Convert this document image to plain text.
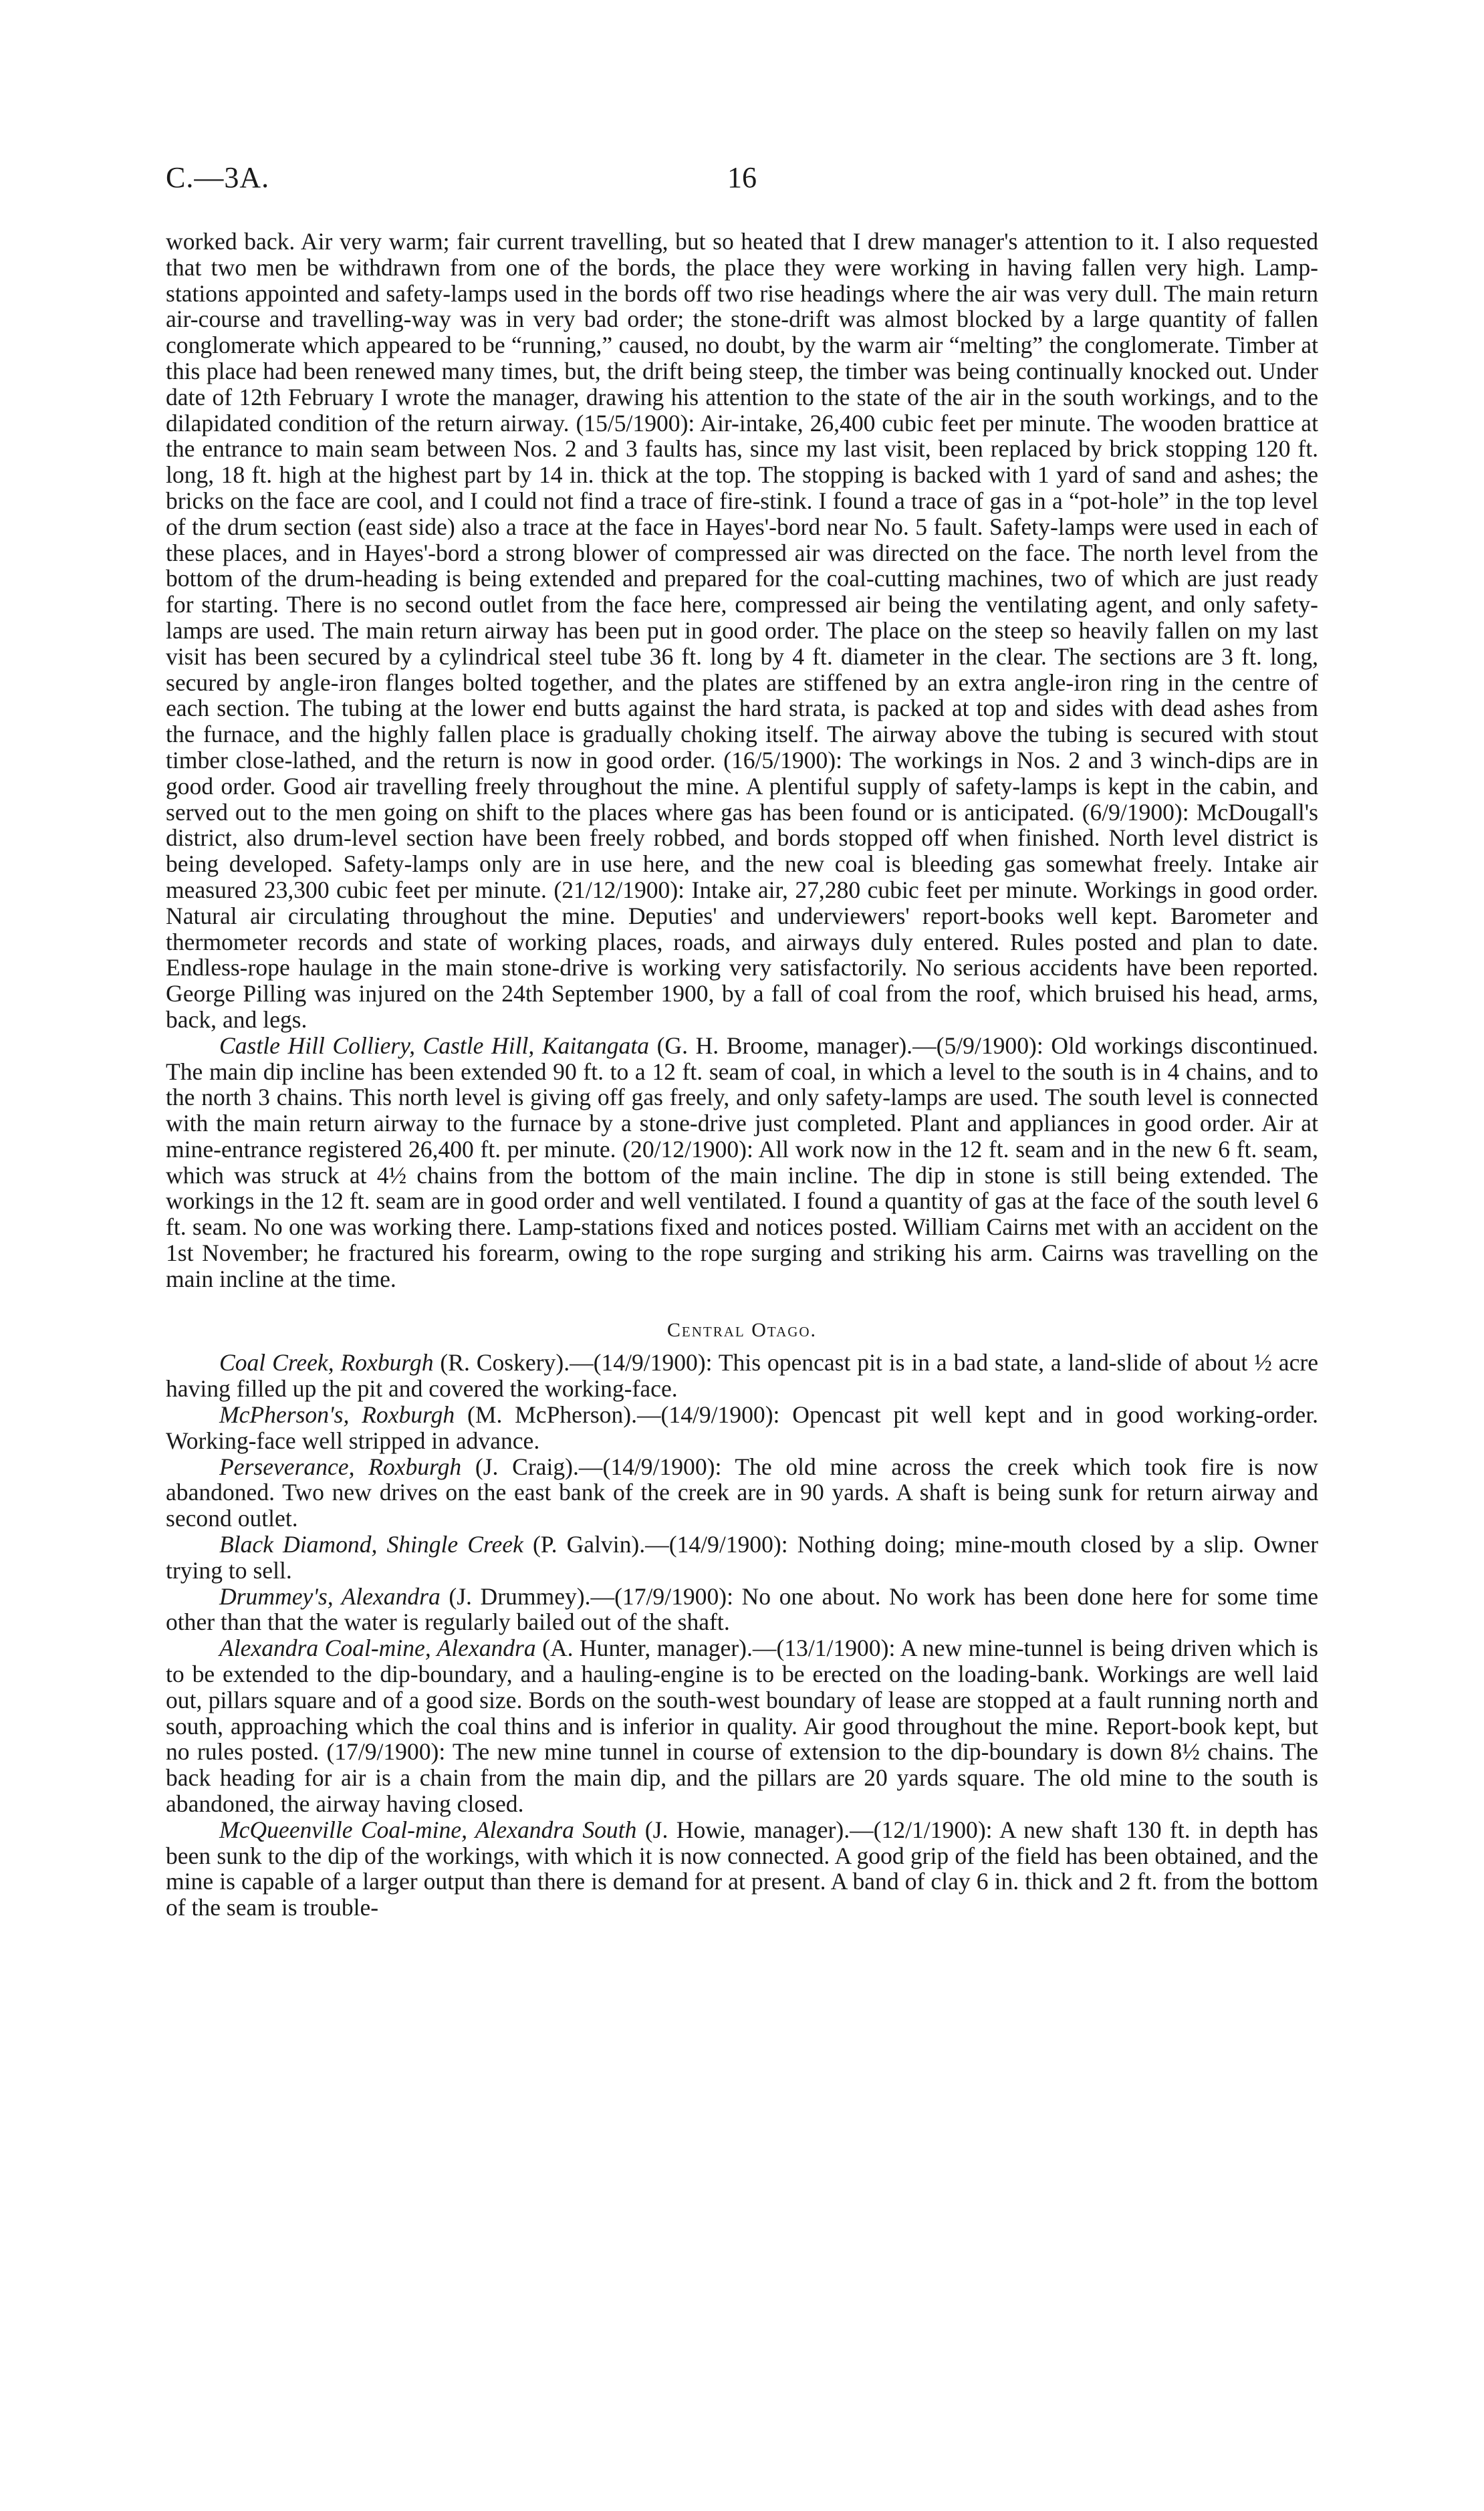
C.—3A.	16

worked back. Air very warm; fair current travelling, but so heated that I drew manager's attention to it. I also requested that two men be withdrawn from one of the bords, the place they were working in having fallen very high. Lamp-stations appointed and safety-lamps used in the bords off two rise headings where the air was very dull. The main return air-course and travelling-way was in very bad order; the stone-drift was almost blocked by a large quantity of fallen conglomerate which appeared to be “running,” caused, no doubt, by the warm air “melting” the conglomerate. Timber at this place had been renewed many times, but, the drift being steep, the timber was being continually knocked out. Under date of 12th February I wrote the manager, drawing his attention to the state of the air in the south workings, and to the dilapidated condition of the return airway. (15/5/1900): Air-intake, 26,400 cubic feet per minute. The wooden brattice at the entrance to main seam between Nos. 2 and 3 faults has, since my last visit, been replaced by brick stopping 120 ft. long, 18 ft. high at the highest part by 14 in. thick at the top. The stopping is backed with 1 yard of sand and ashes; the bricks on the face are cool, and I could not find a trace of fire-stink. I found a trace of gas in a “pot-hole” in the top level of the drum section (east side) also a trace at the face in Hayes'-bord near No. 5 fault. Safety-lamps were used in each of these places, and in Hayes'-bord a strong blower of compressed air was directed on the face. The north level from the bottom of the drum-heading is being extended and prepared for the coal-cutting machines, two of which are just ready for starting. There is no second outlet from the face here, compressed air being the ventilating agent, and only safety-lamps are used. The main return airway has been put in good order. The place on the steep so heavily fallen on my last visit has been secured by a cylindrical steel tube 36 ft. long by 4 ft. diameter in the clear. The sections are 3 ft. long, secured by angle-iron flanges bolted together, and the plates are stiffened by an extra angle-iron ring in the centre of each section. The tubing at the lower end butts against the hard strata, is packed at top and sides with dead ashes from the furnace, and the highly fallen place is gradually choking itself. The airway above the tubing is secured with stout timber close-lathed, and the return is now in good order. (16/5/1900): The workings in Nos. 2 and 3 winch-dips are in good order. Good air travelling freely throughout the mine. A plentiful supply of safety-lamps is kept in the cabin, and served out to the men going on shift to the places where gas has been found or is anticipated. (6/9/1900): McDougall's district, also drum-level section have been freely robbed, and bords stopped off when finished. North level district is being developed. Safety-lamps only are in use here, and the new coal is bleeding gas somewhat freely. Intake air measured 23,300 cubic feet per minute. (21/12/1900): Intake air, 27,280 cubic feet per minute. Workings in good order. Natural air circulating throughout the mine. Deputies' and underviewers' report-books well kept. Barometer and thermometer records and state of working places, roads, and airways duly entered. Rules posted and plan to date. Endless-rope haulage in the main stone-drive is working very satisfactorily. No serious accidents have been reported. George Pilling was injured on the 24th September 1900, by a fall of coal from the roof, which bruised his head, arms, back, and legs.

Castle Hill Colliery, Castle Hill, Kaitangata (G. H. Broome, manager).—(5/9/1900): Old workings discontinued. The main dip incline has been extended 90 ft. to a 12 ft. seam of coal, in which a level to the south is in 4 chains, and to the north 3 chains. This north level is giving off gas freely, and only safety-lamps are used. The south level is connected with the main return airway to the furnace by a stone-drive just completed. Plant and appliances in good order. Air at mine-entrance registered 26,400 ft. per minute. (20/12/1900): All work now in the 12 ft. seam and in the new 6 ft. seam, which was struck at 4½ chains from the bottom of the main incline. The dip in stone is still being extended. The workings in the 12 ft. seam are in good order and well ventilated. I found a quantity of gas at the face of the south level 6 ft. seam. No one was working there. Lamp-stations fixed and notices posted. William Cairns met with an accident on the 1st November; he fractured his forearm, owing to the rope surging and striking his arm. Cairns was travelling on the main incline at the time.

Central Otago.

Coal Creek, Roxburgh (R. Coskery).—(14/9/1900): This opencast pit is in a bad state, a land-slide of about ½ acre having filled up the pit and covered the working-face.

McPherson's, Roxburgh (M. McPherson).—(14/9/1900): Opencast pit well kept and in good working-order. Working-face well stripped in advance.

Perseverance, Roxburgh (J. Craig).—(14/9/1900): The old mine across the creek which took fire is now abandoned. Two new drives on the east bank of the creek are in 90 yards. A shaft is being sunk for return airway and second outlet.

Black Diamond, Shingle Creek (P. Galvin).—(14/9/1900): Nothing doing; mine-mouth closed by a slip. Owner trying to sell.

Drummey's, Alexandra (J. Drummey).—(17/9/1900): No one about. No work has been done here for some time other than that the water is regularly bailed out of the shaft.

Alexandra Coal-mine, Alexandra (A. Hunter, manager).—(13/1/1900): A new mine-tunnel is being driven which is to be extended to the dip-boundary, and a hauling-engine is to be erected on the loading-bank. Workings are well laid out, pillars square and of a good size. Bords on the south-west boundary of lease are stopped at a fault running north and south, approaching which the coal thins and is inferior in quality. Air good throughout the mine. Report-book kept, but no rules posted. (17/9/1900): The new mine tunnel in course of extension to the dip-boundary is down 8½ chains. The back heading for air is a chain from the main dip, and the pillars are 20 yards square. The old mine to the south is abandoned, the airway having closed.

McQueenville Coal-mine, Alexandra South (J. Howie, manager).—(12/1/1900): A new shaft 130 ft. in depth has been sunk to the dip of the workings, with which it is now connected. A good grip of the field has been obtained, and the mine is capable of a larger output than there is demand for at present. A band of clay 6 in. thick and 2 ft. from the bottom of the seam is trouble-
